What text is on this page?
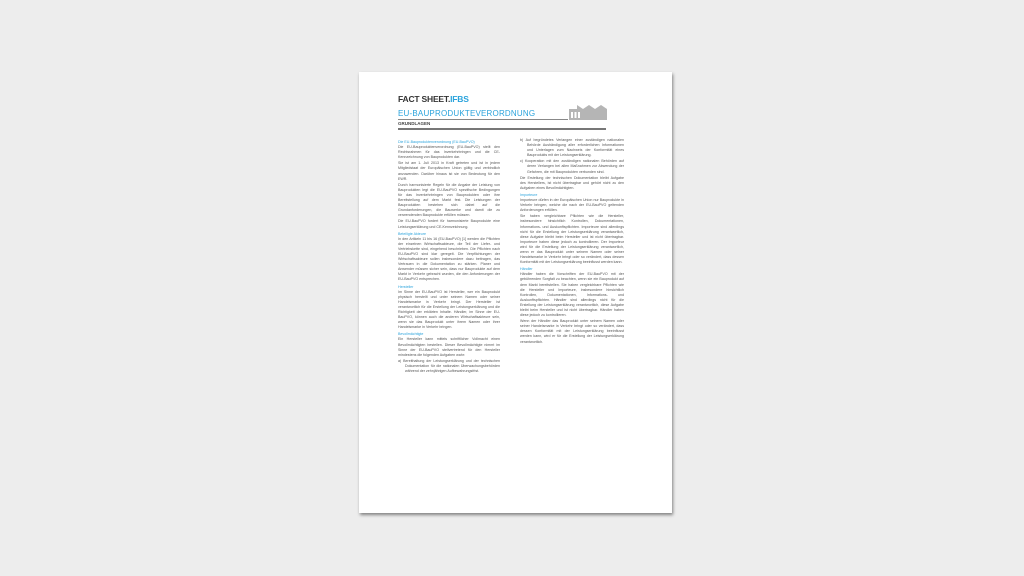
FACT SHEET.IFBS
EU-BAUPRODUKTEVERORDNUNG
GRUNDLAGEN
Die EU-Bauproduktenverordnung (EU-BauPVO)
Die EU-Bauproduktenverordnung (EU-BauPVO) stellt den Rechtsrahmen für das Inverkehrbringen und die CE-Kennzeichnung von Bauprodukten dar.
Sie ist am 1. Juli 2013 in Kraft getreten und ist in jedem Mitgliedstaat der Europäischen Union gültig und verbindlich anzuwenden. Darüber hinaus ist sie von Bedeutung für den EWR.
Durch harmonisierte Regeln für die Angabe der Leistung von Bauprodukten legt die EU-BauPVO spezifische Bedingungen für das Inverkehrbringen von Bauprodukten oder ihre Bereitstellung auf dem Markt fest. Die Leistungen der Bauprodukten bestehen sich dabei auf die Grundanforderungen, die Bauwerke und damit die zu verwendenden Bauprodukte erfüllen müssen.
Die EU-BauPVO fordert für harmonisierte Bauprodukte eine Leistungserklärung und CE-Kennzeichnung.
Beteiligte Akteure
In den Artikeln 11 bis 16 (EU-BauPVO) [1] werden die Pflichten der einzelnen Wirtschaftsakteure, die Teil der Liefer- und Vertriebskette sind, eingehend beschrieben. Die Pflichten nach EU-BauPVO sind klar geregelt. Die Verpflichtungen der Wirtschaftsakteure sollen insbesondere dazu beitragen, das Vertrauen in die Dokumentation zu stärken. Planer und Anwender müssen sicher sein, dass nur Bauprodukte auf dem Markt in Verkehr gebracht wurden, die den Anforderungen der EU-BauPVO entsprechen.
Hersteller
Im Sinne der EU-BauPVO ist Hersteller, wer ein Bauprodukt physisch herstellt und unter seinem Namen oder seiner Handelsmarke in Verkehr bringt. Der Hersteller ist verantwortlich für die Erstellung der Leistungserklärung und die Richtigkeit der erklärten Inhalte. Händler, im Sinne der EU-BauPVO, können auch die anderen Wirtschaftsakteure sein, wenn sie das Bauprodukt unter ihrem Namen oder ihrer Handelsmarke in Verkehr bringen.
Bevollmächtigte
Ein Hersteller kann mittels schriftlicher Vollmacht einen Bevollmächtigten bestellen. Dieser Bevollmächtigte nimmt im Sinne der EU-BauPVO stellvertretend für den Hersteller mindestens die folgenden Aufgaben wahr:
a) Bereithaltung der Leistungserklärung und der technischen Dokumentation für die nationalen Überwachungsbehörden während der zehnjährigen Aufbewahrungsfrist.
b) Auf begründetes Verlangen einer zuständigen nationalen Behörde Aushändigung aller erforderlichen Informationen und Unterlagen zum Nachweis der Konformität eines Bauprodukts mit der Leistungserklärung.
c) Kooperation mit den zuständigen nationalen Behörden auf deren Verlangen bei allen Maßnahmen zur Abwendung der Gefahren, die mit Bauprodukten verbunden sind.
Die Erstellung der technischen Dokumentation bleibt Aufgabe des Herstellers, ist nicht übertragbar und gehört nicht zu den Aufgaben eines Bevollmächtigten.
Importeure
Importeure dürfen in der Europäischen Union nur Bauprodukte in Verkehr bringen, welche die nach der EU-BauPVO geltenden Anforderungen erfüllen.
Sie haben vergleichbare Pflichten wie die Hersteller, insbesondere hinsichtlich Kontrollen, Dokumentationen, Informations- und Auskunftspflichten. Importeure sind allerdings nicht für die Erstellung der Leistungserklärung verantwortlich, diese Aufgabe bleibt beim Hersteller und ist nicht übertragbar. Importeure haben diese jedoch zu kontrollieren. Der Importeur wird für die Erstellung der Leistungserklärung verantwortlich, wenn er das Bauprodukt unter seinem Namen oder seiner Handelsmarke in Verkehr bringt oder so verändert, dass dessen Konformität mit der Leistungserklärung beeinflusst werden kann.
Händler
Händler haben die Vorschriften der EU-BauPVO mit der gebührenden Sorgfalt zu beachten, wenn sie ein Bauprodukt auf dem Markt bereitstellen. Sie haben vergleichbare Pflichten wie die Hersteller und Importeure, insbesondere hinsichtlich Kontrollen, Dokumentationen, Informations- und Auskunftspflichten. Händler sind allerdings nicht für die Erstellung der Leistungserklärung verantwortlich, diese Aufgabe bleibt beim Hersteller und ist nicht übertragbar. Händler haben diese jedoch zu kontrollieren.
Wenn der Händler das Bauprodukt unter seinem Namen oder seiner Handelsmarke in Verkehr bringt oder so verändert, dass dessen Konformität mit der Leistungserklärung beeinflusst werden kann, wird er für die Erstellung der Leistungserklärung verantwortlich.
